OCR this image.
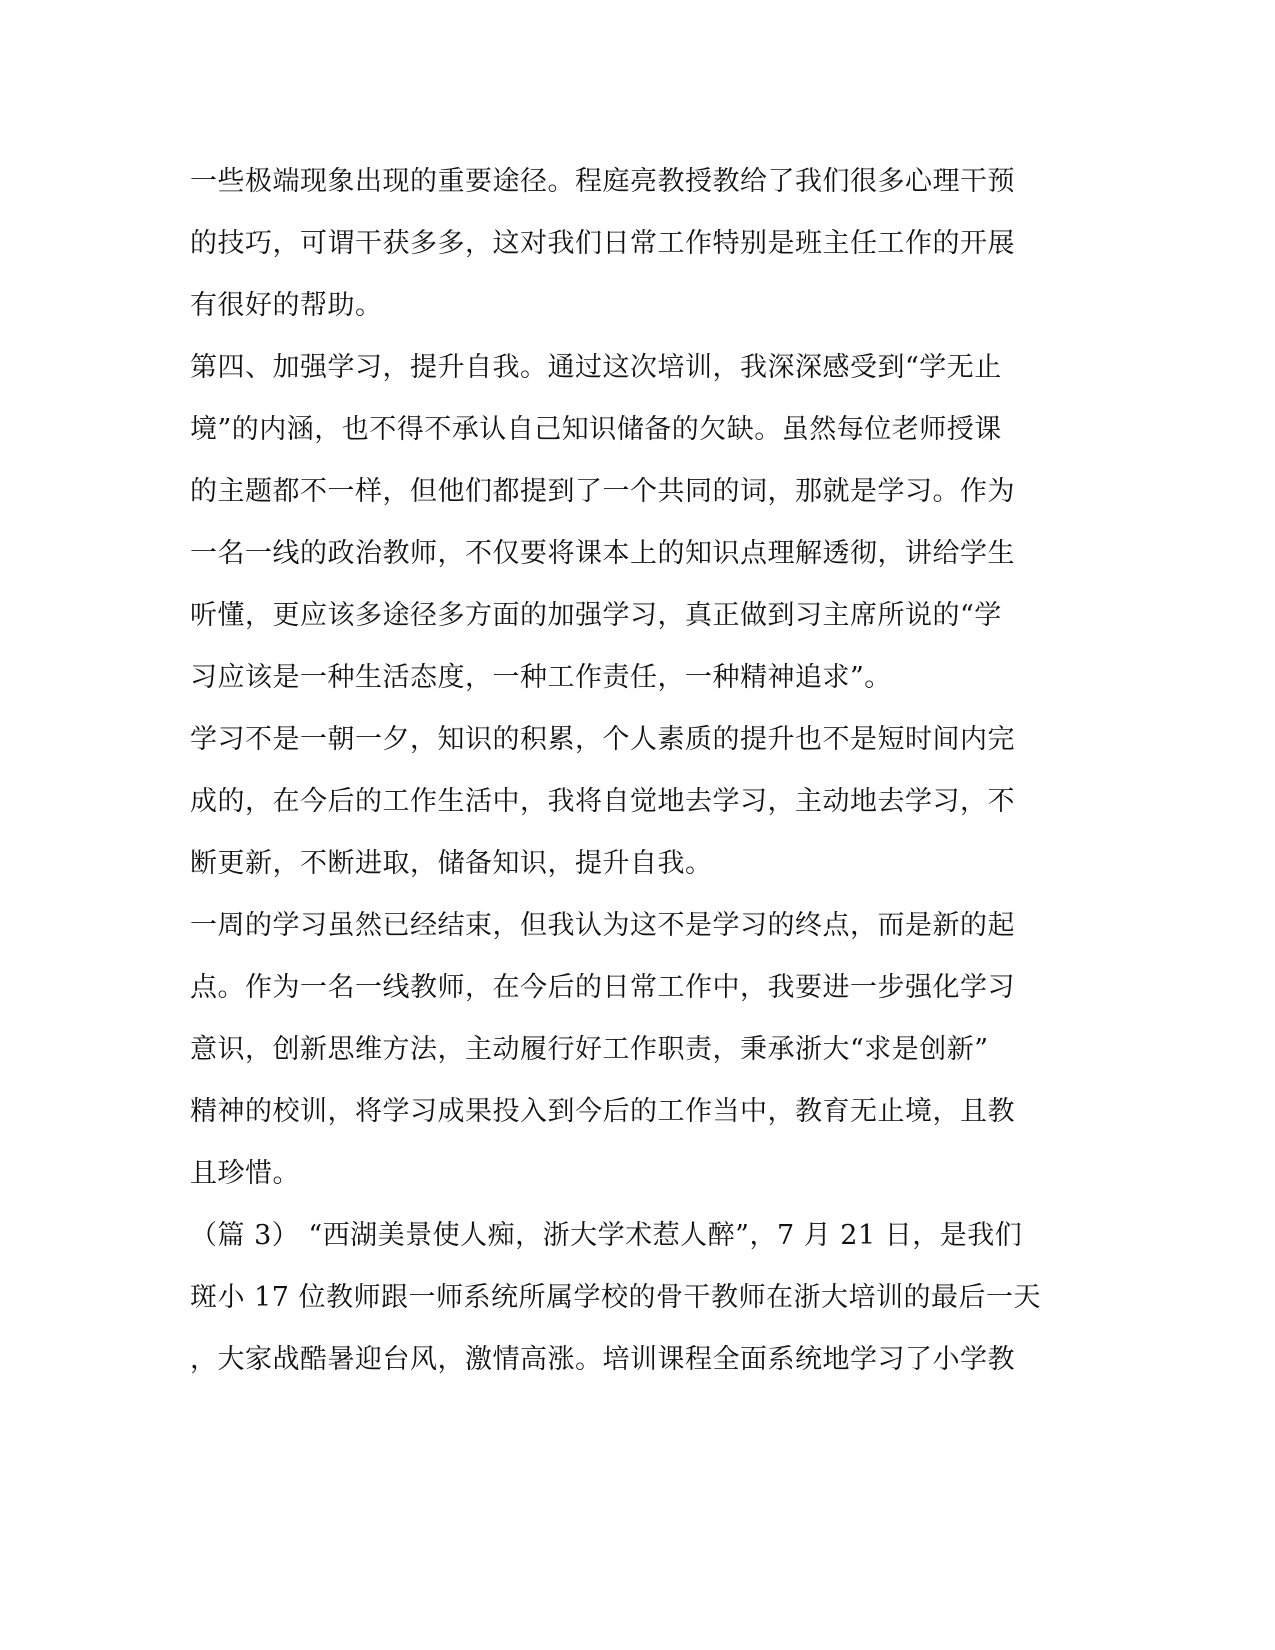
一些极端现象出现的重要途径。程庭亮教授教给了我们很多心理干预
的技巧，可谓干获多多，这对我们日常工作特别是班主任工作的开展
有很好的帮助。
第四、加强学习，提升自我。通过这次培训，我深深感受到“学无止
境”的内涵，也不得不承认自己知识储备的欠缺。虽然每位老师授课
的主题都不一样，但他们都提到了一个共同的词，那就是学习。作为
一名一线的政治教师，不仅要将课本上的知识点理解透彻，讲给学生
听懂，更应该多途径多方面的加强学习，真正做到习主席所说的“学
习应该是一种生活态度，一种工作责任，一种精神追求”。
学习不是一朝一夕，知识的积累，个人素质的提升也不是短时间内完
成的，在今后的工作生活中，我将自觉地去学习，主动地去学习，不
断更新，不断进取，储备知识，提升自我。
一周的学习虽然已经结束，但我认为这不是学习的终点，而是新的起
点。作为一名一线教师，在今后的日常工作中，我要进一步强化学习
意识，创新思维方法，主动履行好工作职责，秉承浙大“求是创新”
精神的校训，将学习成果投入到今后的工作当中，教育无止境，且教
且珍惜。
（篇 3） “西湖美景使人痴，浙大学术惹人醉”，7 月 21 日，是我们
斑小 17 位教师跟一师系统所属学校的骨干教师在浙大培训的最后一天
，大家战酷暑迎台风，激情高涨。培训课程全面系统地学习了小学教
